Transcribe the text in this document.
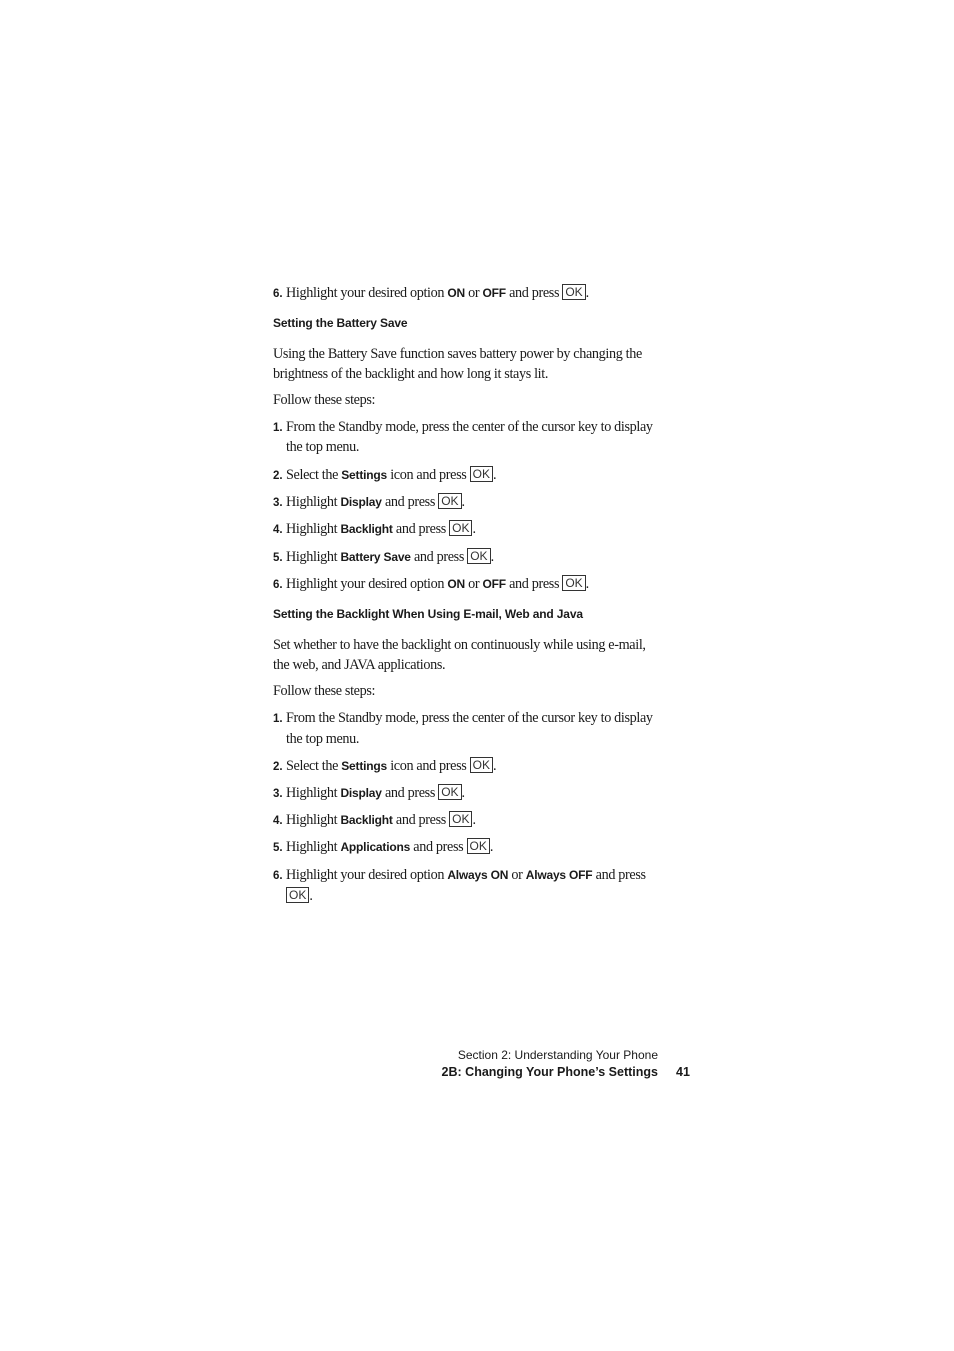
6. Highlight your desired option ON or OFF and press OK .
Setting the Battery Save
Using the Battery Save function saves battery power by changing the
brightness of the backlight and how long it stays lit.
Follow these steps:
1. From the Standby mode, press the center of the cursor key to display
the top menu.
2. Select the Settings icon and press OK .
3. Highlight Display and press OK .
4. Highlight Backlight and press OK .
5. Highlight Battery Save and press OK .
6. Highlight your desired option ON or OFF and press OK .
Setting the Backlight When Using E-mail, Web and Java
Set whether to have the backlight on continuously while using e-mail,
the web, and JAVA applications.
Follow these steps:
1. From the Standby mode, press the center of the cursor key to display
the top menu.
2. Select the Settings icon and press OK .
3. Highlight Display and press OK .
4. Highlight Backlight and press OK .
5. Highlight Applications and press OK .
6. Highlight your desired option Always ON or Always OFF and press
OK .
Section 2: Understanding Your Phone
2B: Changing Your Phone’s Settings 41
